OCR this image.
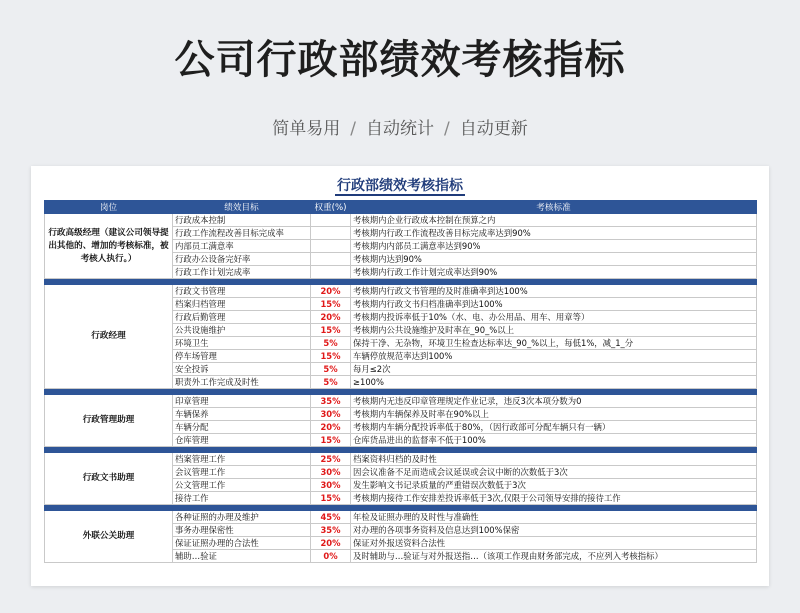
公司行政部绩效考核指标
简单易用 / 自动统计 / 自动更新
行政部绩效考核指标
岗位	绩效目标	权重(%)	考核标准
行政高级经理（建议公司领导提出其他的、增加的考核标准，被考核人执行。）	行政成本控制		考核期内企业行政成本控制在预算之内
	行政工作流程改善目标完成率		考核期内行政工作流程改善目标完成率达到90%
	内部员工满意率		考核期内内部员工满意率达到90%
	行政办公设备完好率		考核期内达到90%
	行政工作计划完成率		考核期内行政工作计划完成率达到90%

行政经理	行政文书管理	20%	考核期内行政文书管理的及时准确率到达100%
	档案归档管理	15%	考核期内行政文书归档准确率到达100%
	行政后勤管理	20%	考核期内投诉率低于10%（水、电、办公用品、用车、用章等）
	公共设施维护	15%	考核期内公共设施维护及时率在_90_%以上
	环境卫生	5%	保持干净、无杂物，环境卫生检查达标率达_90_%以上，每低1%，减_1_分
	停车场管理	15%	车辆停放规范率达到100%
	安全投诉	5%	每月≤2次
	职责外工作完成及时性	5%	≥100%

行政管理助理	印章管理	35%	考核期内无违反印章管理规定作业记录，违反3次本项分数为0
	车辆保养	30%	考核期内车辆保养及时率在90%以上
	车辆分配	20%	考核期内车辆分配投诉率低于80%，（因行政部可分配车辆只有一辆）
	仓库管理	15%	仓库货品进出的监督率不低于100%

行政文书助理	档案管理工作	25%	档案资料归档的及时性
	会议管理工作	30%	因会议准备不足而造成会议延误或会议中断的次数低于3次
	公文管理工作	30%	发生影响文书记录质量的严重错误次数低于3次
	接待工作	15%	考核期内接待工作安排差投诉率低于3次,仅限于公司领导安排的接待工作

外联公关助理	各种证照的办理及维护	45%	年检及证照办理的及时性与准确性
	事务办理保密性	35%	对办理的各项事务资料及信息达到100%保密
	保证证照办理的合法性	20%	保证对外报送资料合法性
	辅助…验证	0%	及时辅助与…验证与对外报送指…（该项工作现由财务部完成，不应列入考核指标）
